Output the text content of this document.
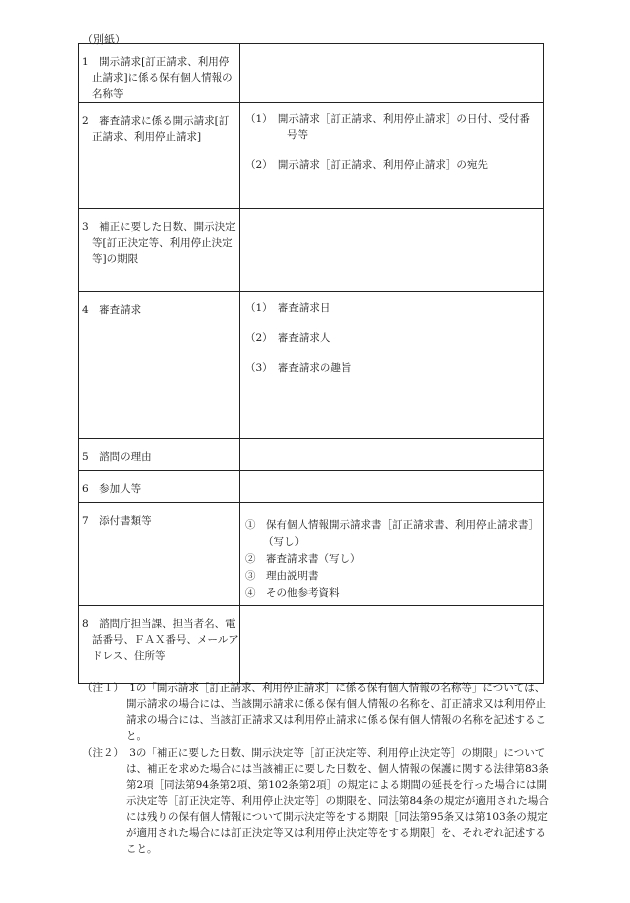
（別紙）
1　開示請求[訂正請求、利用停止請求]に係る保有個人情報の名称等	

2　審査請求に係る開示請求[訂正請求、利用停止請求]	（1）　開示請求［訂正請求、利用停止請求］の日付、受付番号等
（2）　開示請求［訂正請求、利用停止請求］の宛先

3　補正に要した日数、開示決定等[訂正決定等、利用停止決定等]の期限	

4　審査請求	（1）　審査請求日
（2）　審査請求人
（3）　審査請求の趣旨

5　諮問の理由	

6　参加人等	

7　添付書類等	①　保有個人情報開示請求書［訂正請求書、利用停止請求書］（写し）
②　審査請求書（写し）
③　理由説明書
④　その他参考資料

8　諮問庁担当課、担当者名、電話番号、ＦＡＸ番号、メールアドレス、住所等	

（注１）　1の「開示請求［訂正請求、利用停止請求］に係る保有個人情報の名称等」については、開示請求の場合には、当該開示請求に係る保有個人情報の名称を、訂正請求又は利用停止請求の場合には、当該訂正請求又は利用停止請求に係る保有個人情報の名称を記述すること。
（注２）　3の「補正に要した日数、開示決定等［訂正決定等、利用停止決定等］の期限」については、補正を求めた場合には当該補正に要した日数を、個人情報の保護に関する法律第83条第2項［同法第94条第2項、第102条第2項］の規定による期間の延長を行った場合には開示決定等［訂正決定等、利用停止決定等］の期限を、同法第84条の規定が適用された場合には残りの保有個人情報について開示決定等をする期限［同法第95条又は第103条の規定が適用された場合には訂正決定等又は利用停止決定等をする期限］を、それぞれ記述すること。
